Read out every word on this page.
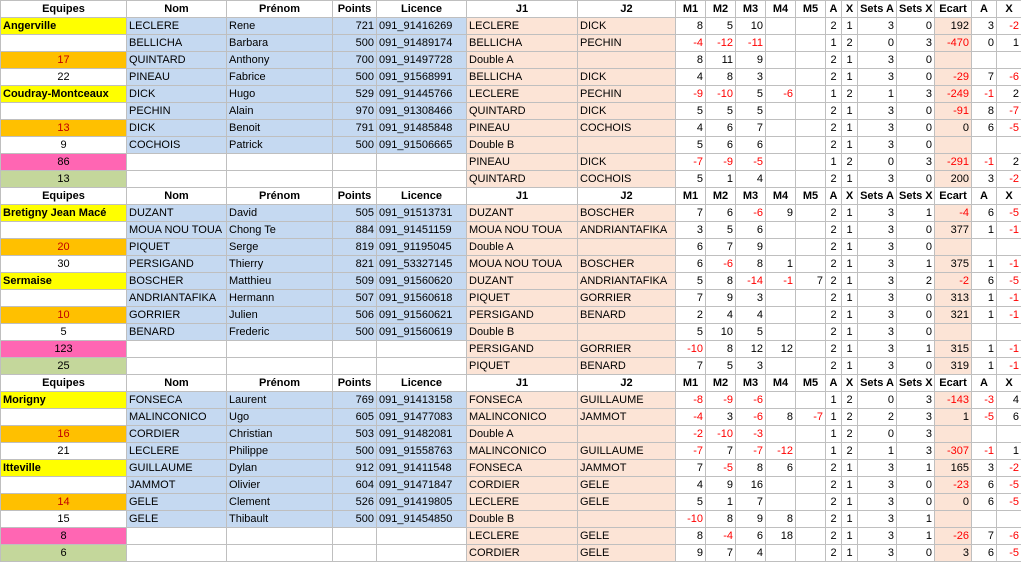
Equipes	Nom	Prénom	Points	Licence	J1	J2	M1	M2	M3	M4	M5	A	X	Sets A	Sets X	Ecart	A	X
Angerville	LECLERE	Rene	721	091_91416269	LECLERE	DICK	8	5	10			2	1	3	0	192	3	-2
	BELLICHA	Barbara	500	091_91489174	BELLICHA	PECHIN	-4	-12	-11			1	2	0	3	-470	0	1
17	QUINTARD	Anthony	700	091_91497728	Double A		8	11	9			2	1	3	0			
22	PINEAU	Fabrice	500	091_91568991	BELLICHA	DICK	4	8	3			2	1	3	0	-29	7	-6
Coudray-Montceaux	DICK	Hugo	529	091_91445766	LECLERE	PECHIN	-9	-10	5	-6		1	2	1	3	-249	-1	2
	PECHIN	Alain	970	091_91308466	QUINTARD	DICK	5	5	5			2	1	3	0	-91	8	-7
13	DICK	Benoit	791	091_91485848	PINEAU	COCHOIS	4	6	7			2	1	3	0	0	6	-5
9	COCHOIS	Patrick	500	091_91506665	Double B		5	6	6			2	1	3	0			
86					PINEAU	DICK	-7	-9	-5			1	2	0	3	-291	-1	2
13					QUINTARD	COCHOIS	5	1	4			2	1	3	0	200	3	-2
Equipes	Nom	Prénom	Points	Licence	J1	J2	M1	M2	M3	M4	M5	A	X	Sets A	Sets X	Ecart	A	X
Bretigny Jean Macé	DUZANT	David	505	091_91513731	DUZANT	BOSCHER	7	6	-6	9		2	1	3	1	-4	6	-5
	MOUA NOU TOUA	Chong Te	884	091_91451159	MOUA NOU TOUA	ANDRIANTAFIKA	3	5	6			2	1	3	0	377	1	-1
20	PIQUET	Serge	819	091_91195045	Double A		6	7	9			2	1	3	0			
30	PERSIGAND	Thierry	821	091_53327145	MOUA NOU TOUA	BOSCHER	6	-6	8	1		2	1	3	1	375	1	-1
Sermaise	BOSCHER	Matthieu	509	091_91560620	DUZANT	ANDRIANTAFIKA	5	8	-14	-1	7	2	1	3	2	-2	6	-5
	ANDRIANTAFIKA	Hermann	507	091_91560618	PIQUET	GORRIER	7	9	3			2	1	3	0	313	1	-1
10	GORRIER	Julien	506	091_91560621	PERSIGAND	BENARD	2	4	4			2	1	3	0	321	1	-1
5	BENARD	Frederic	500	091_91560619	Double B		5	10	5			2	1	3	0			
123					PERSIGAND	GORRIER	-10	8	12	12		2	1	3	1	315	1	-1
25					PIQUET	BENARD	7	5	3			2	1	3	0	319	1	-1
Equipes	Nom	Prénom	Points	Licence	J1	J2	M1	M2	M3	M4	M5	A	X	Sets A	Sets X	Ecart	A	X
Morigny	FONSECA	Laurent	769	091_91413158	FONSECA	GUILLAUME	-8	-9	-6			1	2	0	3	-143	-3	4
	MALINCONICO	Ugo	605	091_91477083	MALINCONICO	JAMMOT	-4	3	-6	8	-7	1	2	2	3	1	-5	6
16	CORDIER	Christian	503	091_91482081	Double A		-2	-10	-3			1	2	0	3			
21	LECLERE	Philippe	500	091_91558763	MALINCONICO	GUILLAUME	-7	7	-7	-12		1	2	1	3	-307	-1	1
Itteville	GUILLAUME	Dylan	912	091_91411548	FONSECA	JAMMOT	7	-5	8	6		2	1	3	1	165	3	-2
	JAMMOT	Olivier	604	091_91471847	CORDIER	GELE	4	9	16			2	1	3	0	-23	6	-5
14	GELE	Clement	526	091_91419805	LECLERE	GELE	5	1	7			2	1	3	0	0	6	-5
15	GELE	Thibault	500	091_91454850	Double B		-10	8	9	8		2	1	3	1			
8					LECLERE	GELE	8	-4	6	18		2	1	3	1	-26	7	-6
6					CORDIER	GELE	9	7	4			2	1	3	0	3	6	-5
